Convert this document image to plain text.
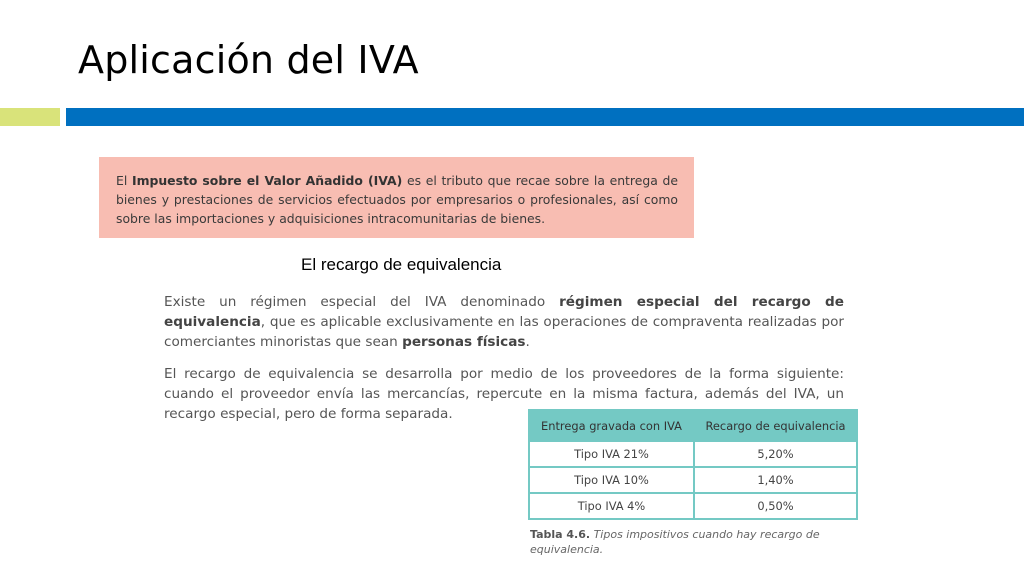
Aplicación del IVA
El Impuesto sobre el Valor Añadido (IVA) es el tributo que recae sobre la entrega de bienes y prestaciones de servicios efectuados por empresarios o profesionales, así como sobre las importaciones y adquisiciones intracomunitarias de bienes.
El recargo de equivalencia
Existe un régimen especial del IVA denominado régimen especial del recargo de equivalencia, que es aplicable exclusivamente en las operaciones de compraventa realizadas por comerciantes minoristas que sean personas físicas.
El recargo de equivalencia se desarrolla por medio de los proveedores de la forma siguiente: cuando el proveedor envía las mercancías, repercute en la misma factura, además del IVA, un recargo especial, pero de forma separada.
Entrega gravada con IVA	Recargo de equivalencia
Tipo IVA 21%	5,20%
Tipo IVA 10%	1,40%
Tipo IVA 4%	0,50%
Tabla 4.6. Tipos impositivos cuando hay recargo de equivalencia.
